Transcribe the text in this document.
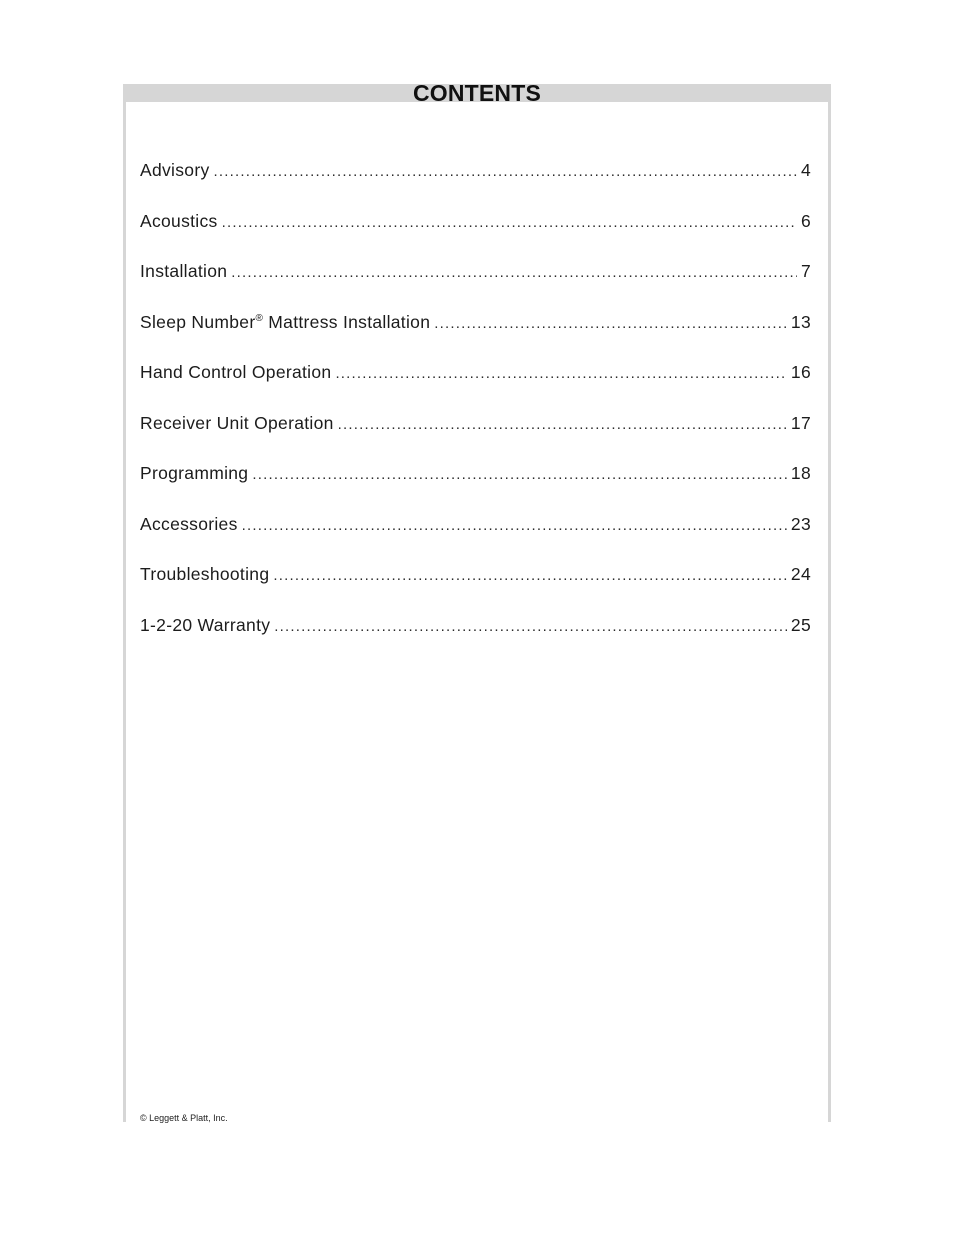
CONTENTS
Advisory .....	4
Acoustics .....	6
Installation .....	7
Sleep Number® Mattress Installation .....	13
Hand Control Operation .....	16
Receiver Unit Operation .....	17
Programming .....	18
Accessories .....	23
Troubleshooting .....	24
1-2-20 Warranty .....	25
© Leggett & Platt, Inc.
